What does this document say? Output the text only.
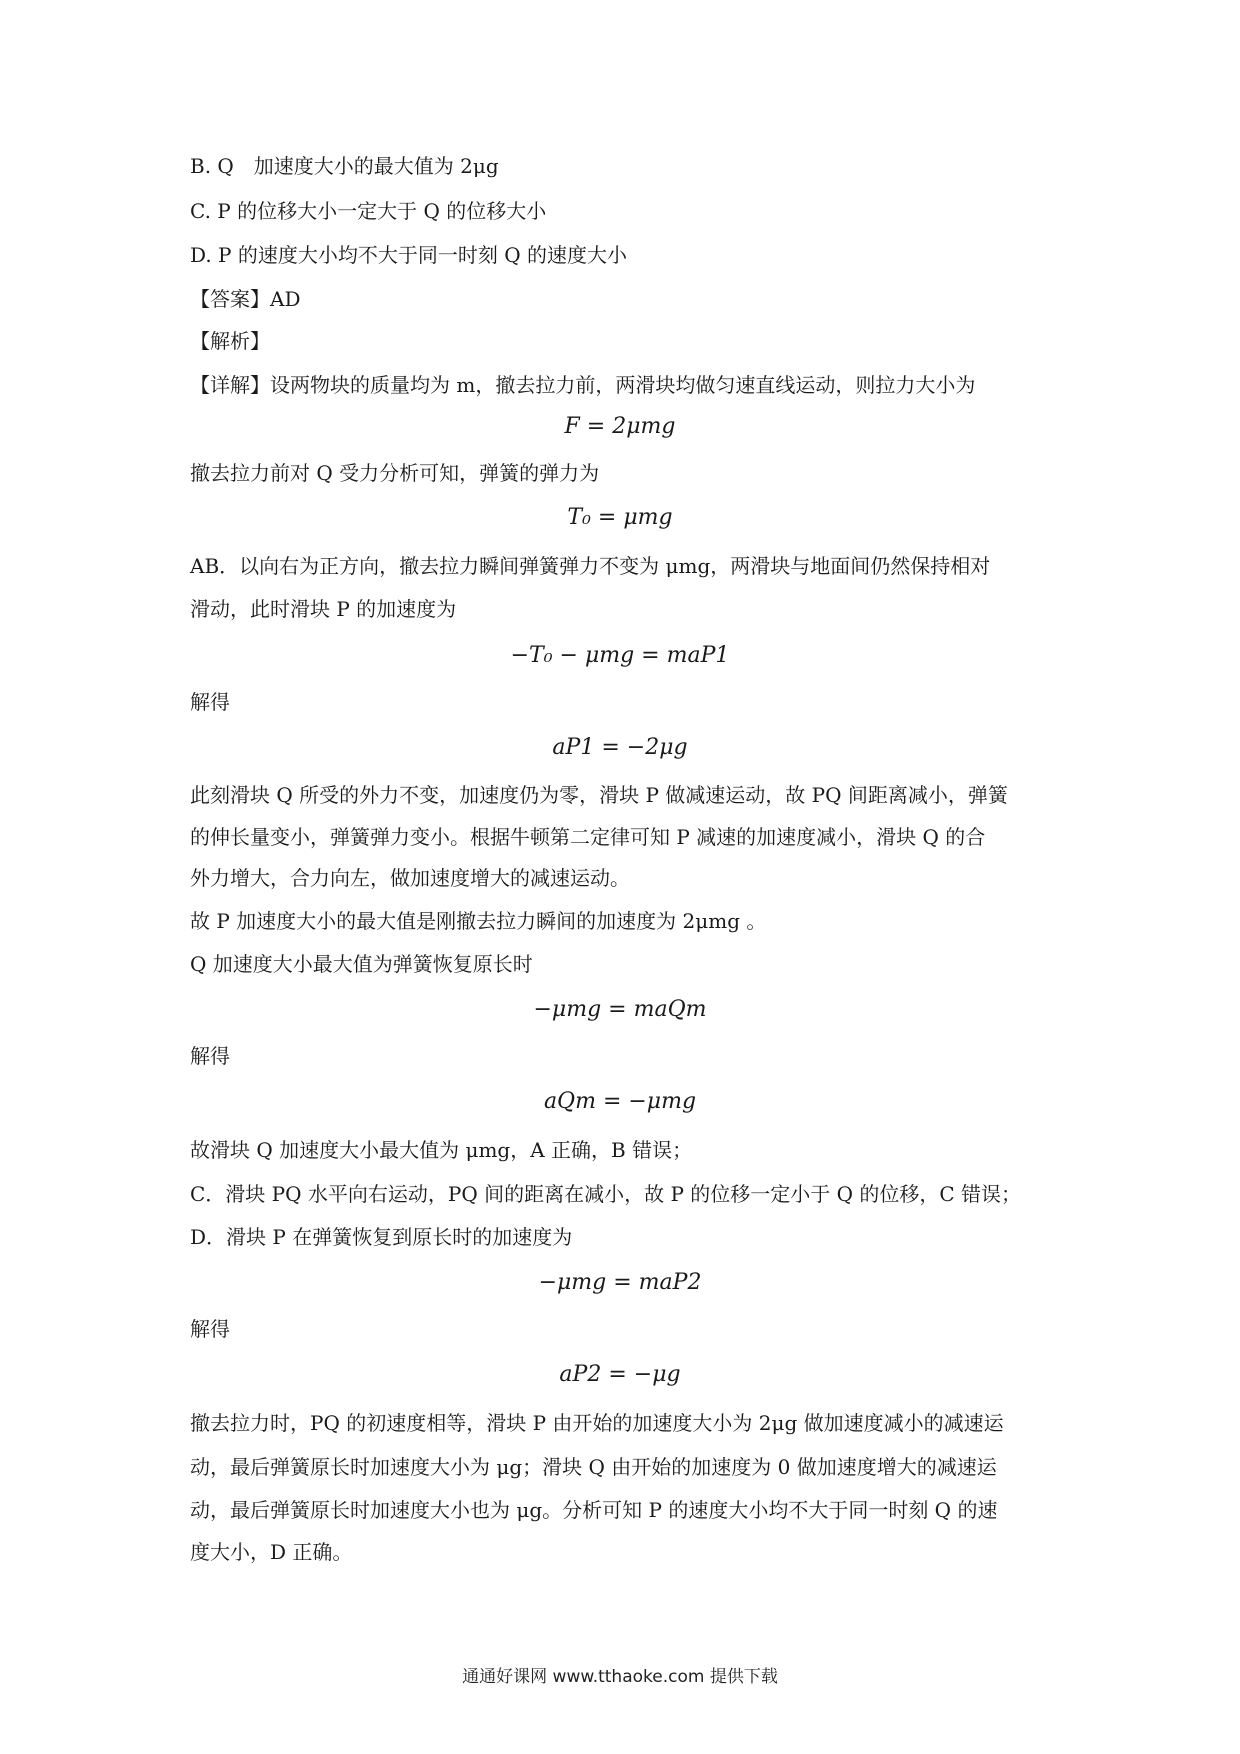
B. Q　加速度大小的最大值为 2μg
C. P 的位移大小一定大于 Q 的位移大小
D. P 的速度大小均不大于同一时刻 Q 的速度大小
【答案】AD
【解析】
【详解】设两物块的质量均为 m，撤去拉力前，两滑块均做匀速直线运动，则拉力大小为
F = 2μmg
撤去拉力前对 Q 受力分析可知，弹簧的弹力为
T₀ = μmg
AB．以向右为正方向，撤去拉力瞬间弹簧弹力不变为 μmg，两滑块与地面间仍然保持相对
滑动，此时滑块 P 的加速度为
−T₀ − μmg = maP1
解得
aP1 = −2μg
此刻滑块 Q 所受的外力不变，加速度仍为零，滑块 P 做减速运动，故 PQ 间距离减小，弹簧
的伸长量变小，弹簧弹力变小。根据牛顿第二定律可知 P 减速的加速度减小，滑块 Q 的合
外力增大，合力向左，做加速度增大的减速运动。
故 P 加速度大小的最大值是刚撤去拉力瞬间的加速度为 2μmg 。
Q 加速度大小最大值为弹簧恢复原长时
−μmg = maQm
解得
aQm = −μmg
故滑块 Q 加速度大小最大值为 μmg，A 正确，B 错误；
C．滑块 PQ 水平向右运动，PQ 间的距离在减小，故 P 的位移一定小于 Q 的位移，C 错误；
D．滑块 P 在弹簧恢复到原长时的加速度为
−μmg = maP2
解得
aP2 = −μg
撤去拉力时，PQ 的初速度相等，滑块 P 由开始的加速度大小为 2μg 做加速度减小的减速运
动，最后弹簧原长时加速度大小为 μg；滑块 Q 由开始的加速度为 0 做加速度增大的减速运
动，最后弹簧原长时加速度大小也为 μg。分析可知 P 的速度大小均不大于同一时刻 Q 的速
度大小，D 正确。
通通好课网 www.tthaoke.com 提供下载
